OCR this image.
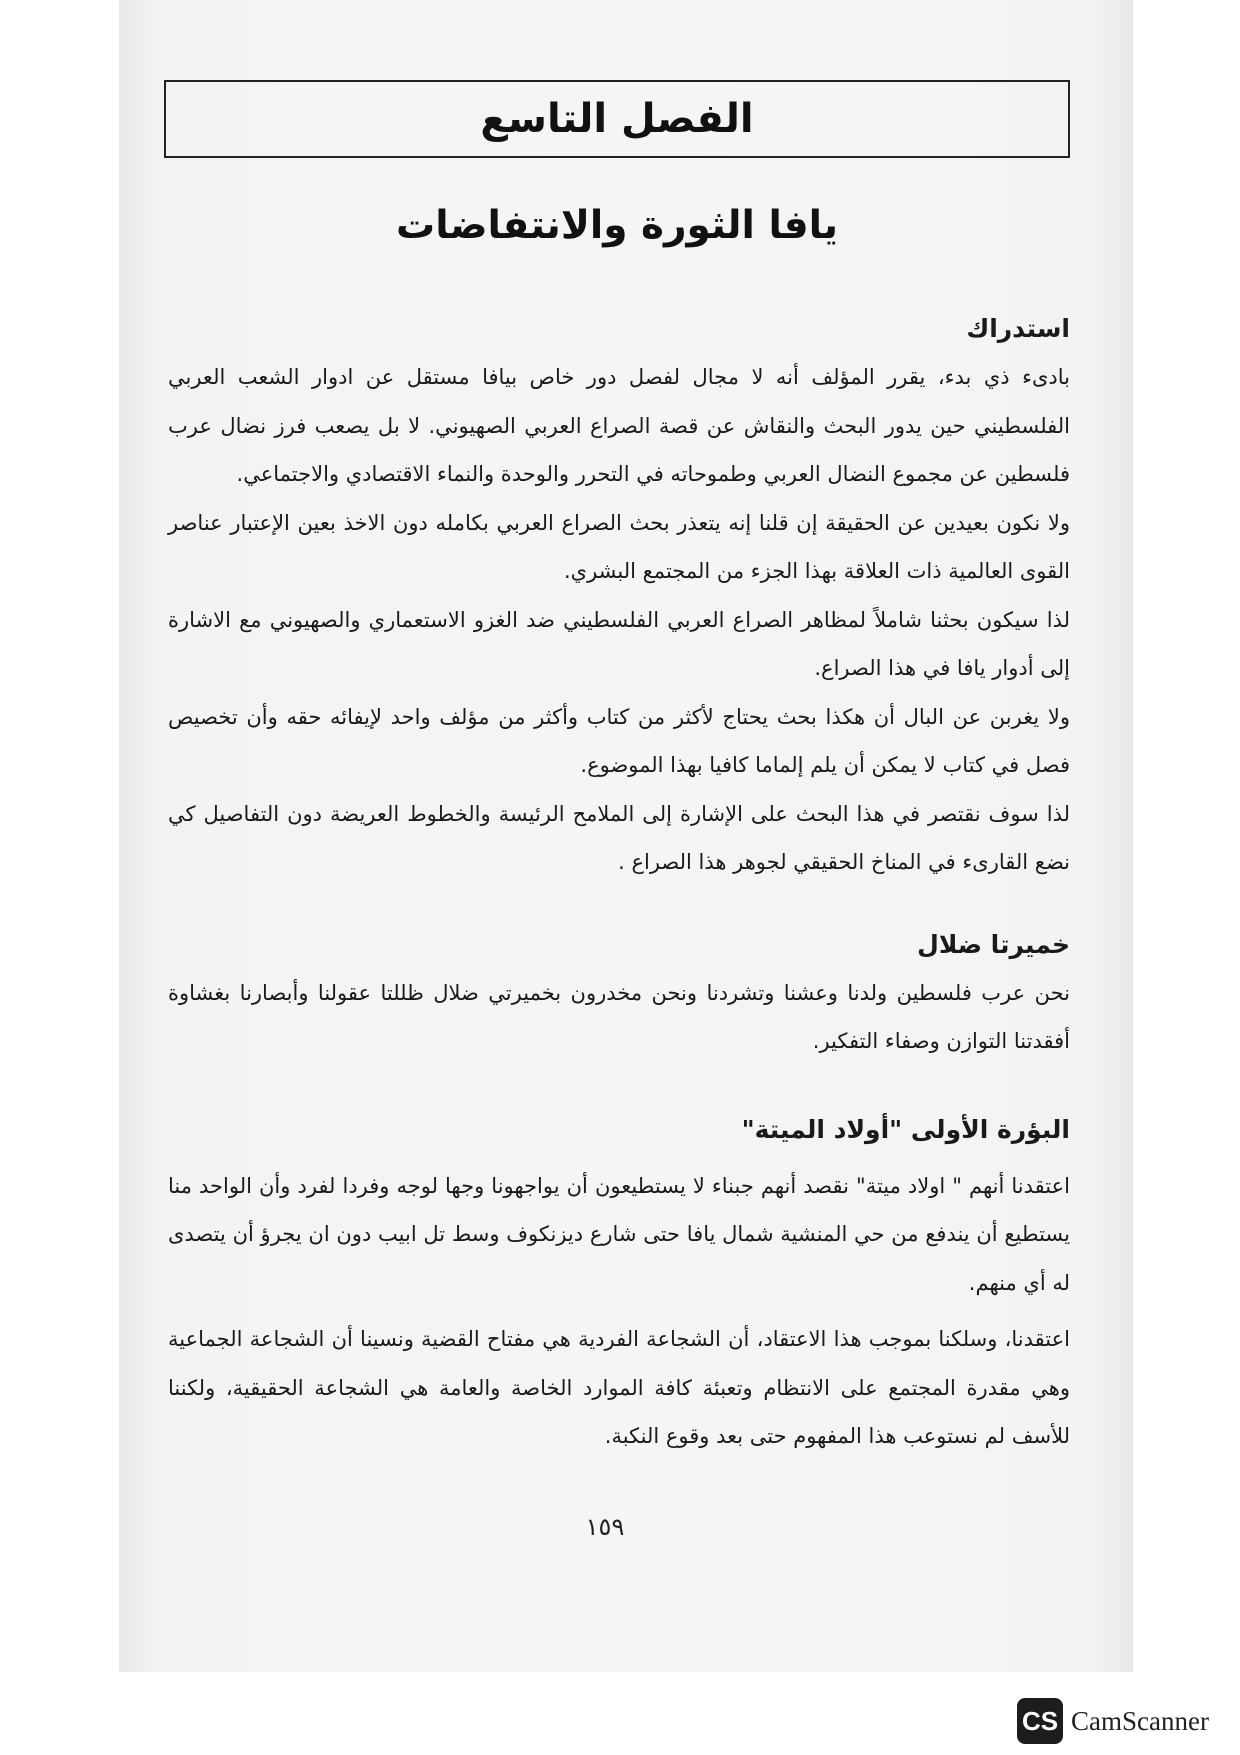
الفصل التاسع
يافا الثورة والانتفاضات
استدراك

بادىء ذي بدء، يقرر المؤلف أنه لا مجال لفصل دور خاص بيافا مستقل عن ادوار الشعب العربي الفلسطيني حين يدور البحث والنقاش عن قصة الصراع العربي الصهيوني. لا بل يصعب فرز نضال عرب فلسطين عن مجموع النضال العربي وطموحاته في التحرر والوحدة والنماء الاقتصادي والاجتماعي.

ولا نكون بعيدين عن الحقيقة إن قلنا إنه يتعذر بحث الصراع العربي بكامله دون الاخذ بعين الإعتبار عناصر القوى العالمية ذات العلاقة بهذا الجزء من المجتمع البشري.

لذا سيكون بحثنا شاملاً لمظاهر الصراع العربي الفلسطيني ضد الغزو الاستعماري والصهيوني مع الاشارة إلى أدوار يافا في هذا الصراع.

ولا يغربن عن البال أن هكذا بحث يحتاج لأكثر من كتاب وأكثر من مؤلف واحد لإيفائه حقه وأن تخصيص فصل في كتاب لا يمكن أن يلم إلماما كافيا بهذا الموضوع.

لذا سوف نقتصر في هذا البحث على الإشارة إلى الملامح الرئيسة والخطوط العريضة دون التفاصيل كي نضع القارىء في المناخ الحقيقي لجوهر هذا الصراع .

خميرتا ضلال

نحن عرب فلسطين ولدنا وعشنا وتشردنا ونحن مخدرون بخميرتي ضلال ظللتا عقولنا وأبصارنا بغشاوة أفقدتنا التوازن وصفاء التفكير.

البؤرة الأولى "أولاد الميتة"

اعتقدنا أنهم " اولاد ميتة" نقصد أنهم جبناء لا يستطيعون أن يواجهونا وجها لوجه وفردا لفرد وأن الواحد منا يستطيع أن يندفع من حي المنشية شمال يافا حتى شارع ديزنكوف وسط تل ابيب دون ان يجرؤ أن يتصدى له أي منهم.

اعتقدنا، وسلكنا بموجب هذا الاعتقاد، أن الشجاعة الفردية هي مفتاح القضية ونسينا أن الشجاعة الجماعية وهي مقدرة المجتمع على الانتظام وتعبئة كافة الموارد الخاصة والعامة هي الشجاعة الحقيقية، ولكننا للأسف لم نستوعب هذا المفهوم حتى بعد وقوع النكبة.

١٥٩
CS CamScanner
